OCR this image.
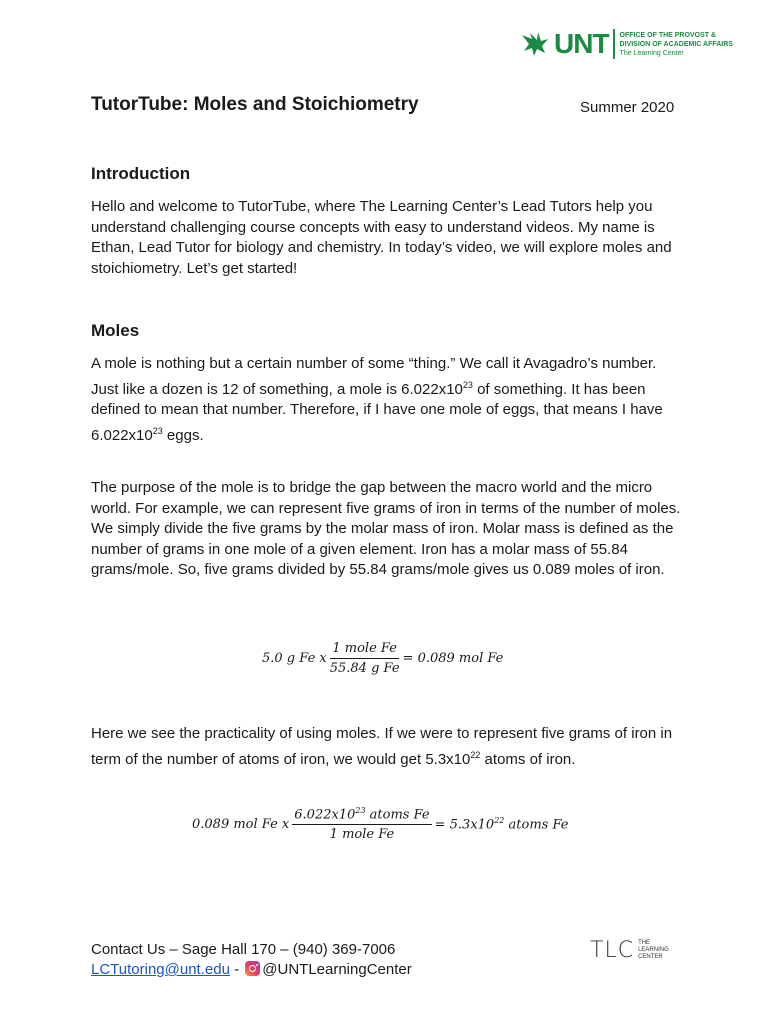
UNT OFFICE OF THE PROVOST &
DIVISION OF ACADEMIC AFFAIRS
The Learning Center
TutorTube: Moles and Stoichiometry	Summer 2020
Introduction

Hello and welcome to TutorTube, where The Learning Center’s Lead Tutors help you understand challenging course concepts with easy to understand videos. My name is Ethan, Lead Tutor for biology and chemistry. In today’s video, we will explore moles and stoichiometry. Let’s get started!

Moles

A mole is nothing but a certain number of some “thing.” We call it Avagadro’s number. Just like a dozen is 12 of something, a mole is $6.022x10^{23}$ of something. It has been defined to mean that number. Therefore, if I have one mole of eggs, that means I have $6.022x10^{23}$ eggs.

The purpose of the mole is to bridge the gap between the macro world and the micro world. For example, we can represent five grams of iron in terms of the number of moles. We simply divide the five grams by the molar mass of iron. Molar mass is defined as the number of grams in one mole of a given element. Iron has a molar mass of 55.84 grams/mole. So, five grams divided by 55.84 grams/mole gives us 0.089 moles of iron.

5.0 g Fe x $\frac{\text{1 mole Fe}}{\text{55.84 g Fe}} = 0.089$ mol Fe

Here we see the practicality of using moles. If we were to represent five grams of iron in term of the number of atoms of iron, we would get $5.3x10^{22}$ atoms of iron.

0.089 mol Fe x $\frac{6.022x10^{23} atoms Fe}{\text{1 mole Fe}} = 5.3x10^{22}$ atoms Fe
Contact Us – Sage Hall 170 – (940) 369-7006
LCTutoring@unt.edu - @UNTLearningCenter
TLC THE
LEARNING
CENTER
